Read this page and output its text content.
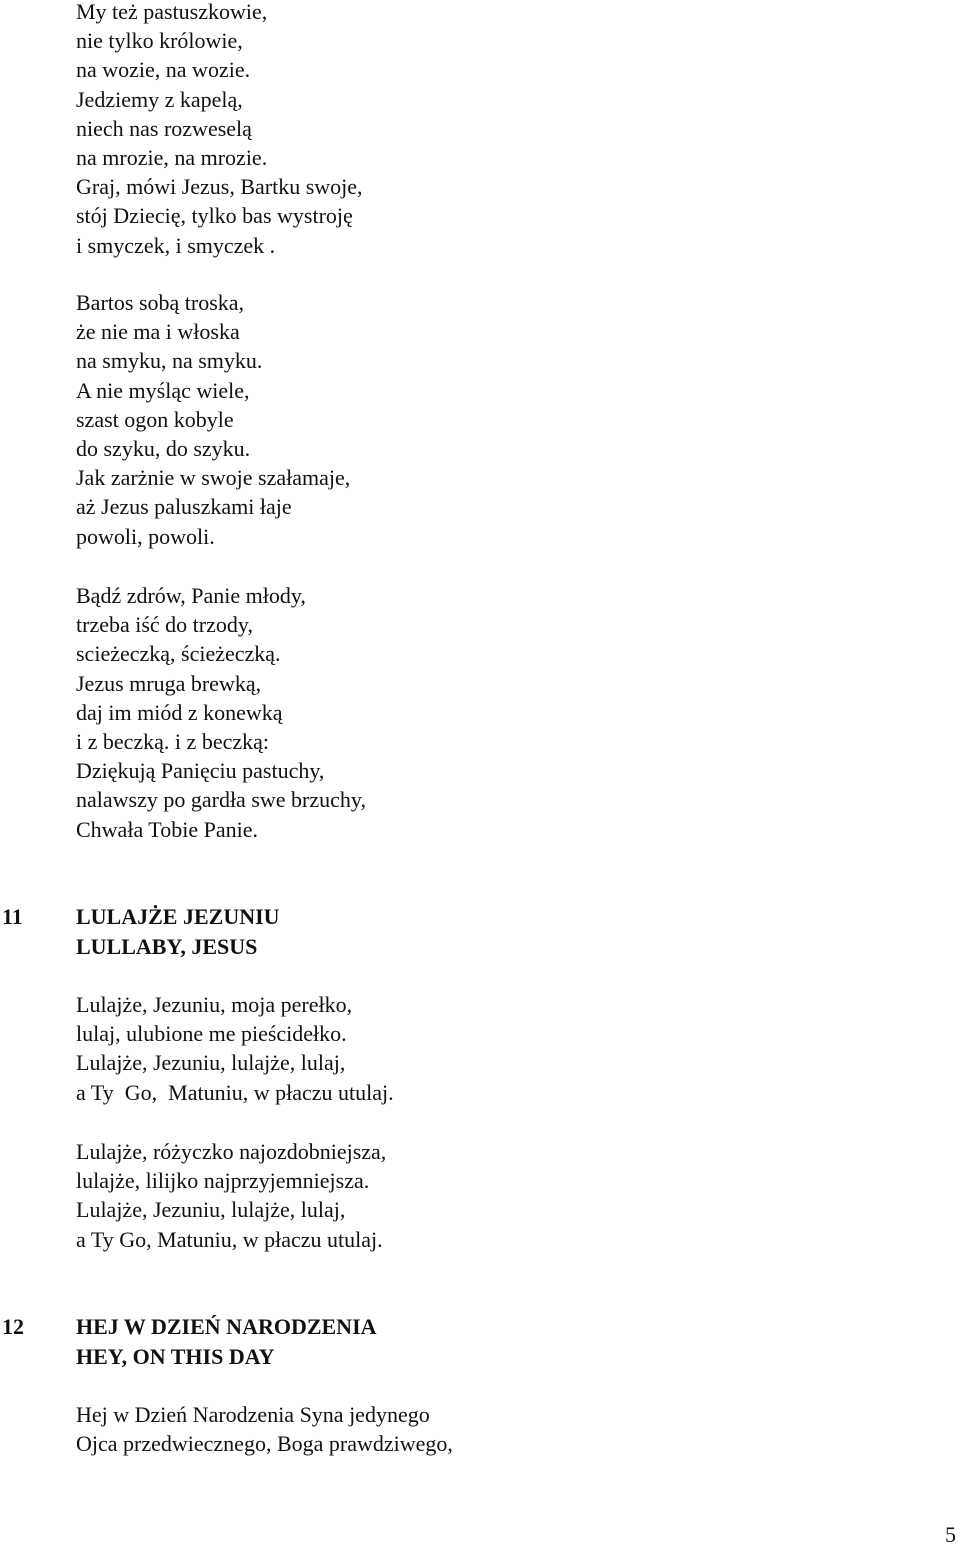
My też pastuszkowie,
nie tylko królowie,
na wozie, na wozie.
Jedziemy z kapelą,
niech nas rozweselą
na mrozie, na mrozie.
Graj, mówi Jezus, Bartku swoje,
stój Dziecię, tylko bas wystroję
i smyczek, i smyczek .
Bartos sobą troska,
że nie ma i włoska
na smyku, na smyku.
A nie myśląc wiele,
szast ogon kobyle
do szyku, do szyku.
Jak zarżnie w swoje szałamaje,
aż Jezus paluszkami łaje
powoli, powoli.
Bądź zdrów, Panie młody,
trzeba iść do trzody,
scieżeczką, ścieżeczką.
Jezus mruga brewką,
daj im miód z konewką
i z beczką. i z beczką:
Dziękują Panięciu pastuchy,
nalawszy po gardła swe brzuchy,
Chwała Tobie Panie.
11 LULAJŻE JEZUNIU
LULLABY, JESUS
Lulajże, Jezuniu, moja perełko,
lulaj, ulubione me pieścidełko.
Lulajże, Jezuniu, lulajże, lulaj,
a Ty  Go,  Matuniu, w płaczu utulaj.
Lulajże, różyczko najozdobniejsza,
lulajże, lilijko najprzyjemniejsza.
Lulajże, Jezuniu, lulajże, lulaj,
a Ty Go, Matuniu, w płaczu utulaj.
12 HEJ W DZIEŃ NARODZENIA
HEY, ON THIS DAY
Hej w Dzień Narodzenia Syna jedynego
Ojca przedwiecznego, Boga prawdziwego,
5
